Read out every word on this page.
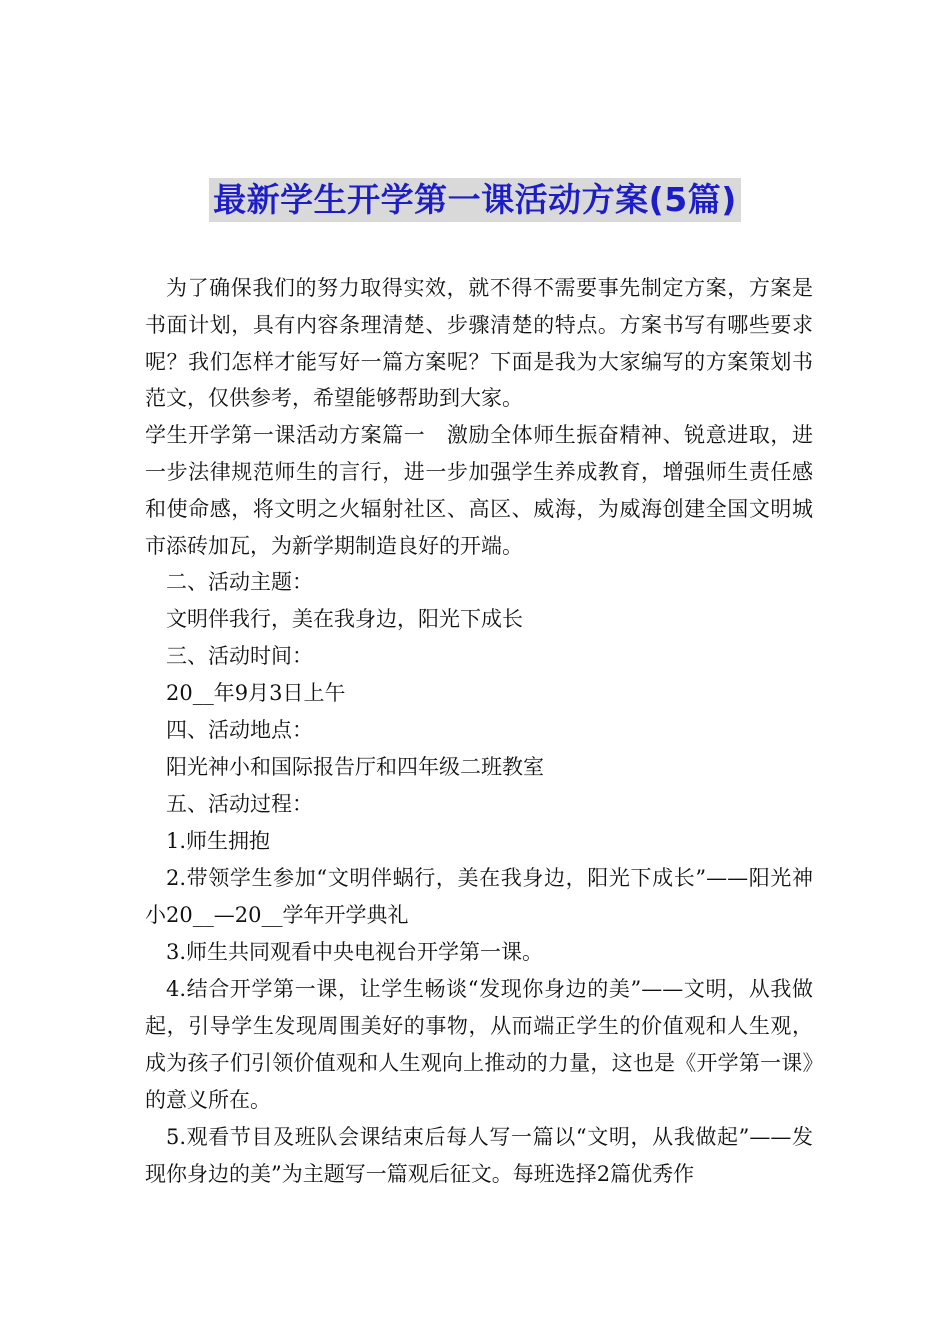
最新学生开学第一课活动方案(5篇)

为了确保我们的努力取得实效，就不得不需要事先制定方案，方案是书面计划，具有内容条理清楚、步骤清楚的特点。方案书写有哪些要求呢？我们怎样才能写好一篇方案呢？下面是我为大家编写的方案策划书范文，仅供参考，希望能够帮助到大家。

学生开学第一课活动方案篇一　激励全体师生振奋精神、锐意进取，进一步法律规范师生的言行，进一步加强学生养成教育，增强师生责任感和使命感，将文明之火辐射社区、高区、威海，为威海创建全国文明城市添砖加瓦，为新学期制造良好的开端。

二、活动主题：

文明伴我行，美在我身边，阳光下成长

三、活动时间：

20__年9月3日上午

四、活动地点：

阳光神小和国际报告厅和四年级二班教室

五、活动过程：

1.师生拥抱

2.带领学生参加“文明伴蜗行，美在我身边，阳光下成长”——阳光神小20__—20__学年开学典礼

3.师生共同观看中央电视台开学第一课。

4.结合开学第一课，让学生畅谈“发现你身边的美”——文明，从我做起，引导学生发现周围美好的事物，从而端正学生的价值观和人生观，成为孩子们引领价值观和人生观向上推动的力量，这也是《开学第一课》的意义所在。

5.观看节目及班队会课结束后每人写一篇以“文明，从我做起”——发现你身边的美”为主题写一篇观后征文。每班选择2篇优秀作
